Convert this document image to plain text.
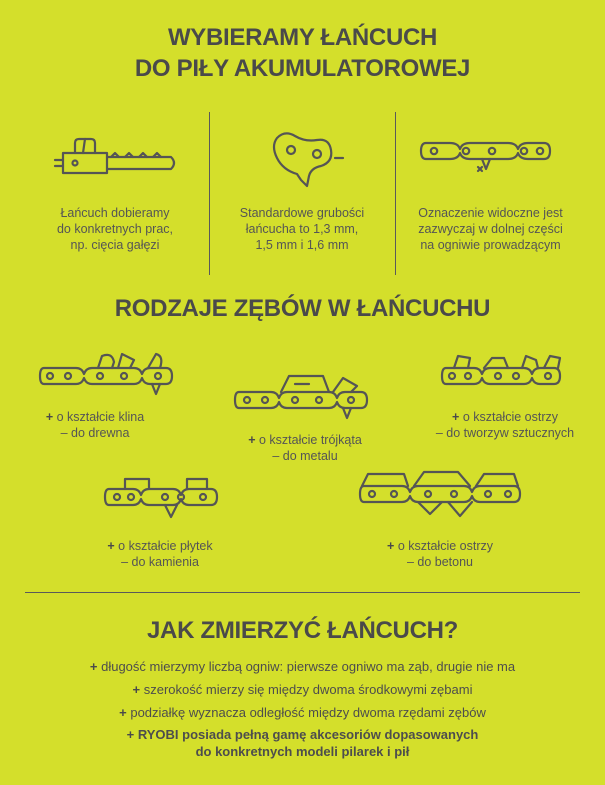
WYBIERAMY ŁAŃCUCH
DO PIŁY AKUMULATOROWEJ
Łańcuch dobieramy
do konkretnych prac,
np. cięcia gałęzi
Standardowe grubości
łańcucha to 1,3 mm,
1,5 mm i 1,6 mm
Oznaczenie widoczne jest
zazwyczaj w dolnej części
na ogniwie prowadzącym
RODZAJE ZĘBÓW W ŁAŃCUCHU
+ o kształcie klina
– do drewna	+ o kształcie trójkąta
– do metalu
+ o kształcie ostrzy
– do tworzyw sztucznych
+ o kształcie płytek
– do kamienia
+ o kształcie ostrzy
– do betonu
JAK ZMIERZYĆ ŁAŃCUCH?
+ długość mierzymy liczbą ogniw: pierwsze ogniwo ma ząb, drugie nie ma
+ szerokość mierzy się między dwoma środkowymi zębami
+ podziałkę wyznacza odległość między dwoma rzędami zębów
+ RYOBI posiada pełną gamę akcesoriów dopasowanych
do konkretnych modeli pilarek i pił
